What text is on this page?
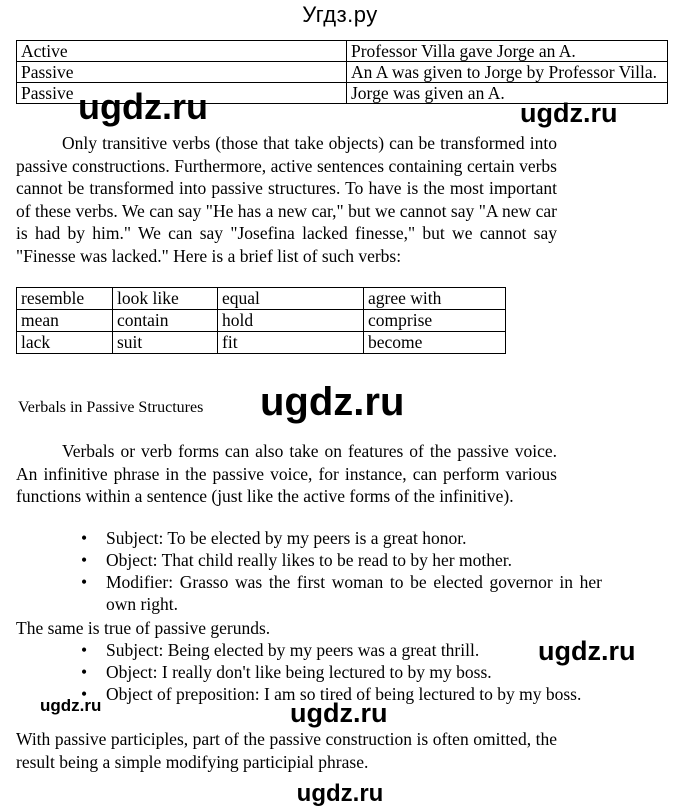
Угдз.ру
Active	Professor Villa gave Jorge an A.
Passive	An A was given to Jorge by Professor Villa.
Passive	Jorge was given an A.
Only transitive verbs (those that take objects) can be transformed into passive constructions. Furthermore, active sentences containing certain verbs cannot be transformed into passive structures. To have is the most important of these verbs. We can say "He has a new car," but we cannot say "A new car is had by him." We can say "Josefina lacked finesse," but we cannot say "Finesse was lacked." Here is a brief list of such verbs:
resemble	look like	equal	agree with
mean	contain	hold	comprise
lack	suit	fit	become
Verbals in Passive Structures
Verbals or verb forms can also take on features of the passive voice. An infinitive phrase in the passive voice, for instance, can perform various functions within a sentence (just like the active forms of the infinitive).
• Subject: To be elected by my peers is a great honor.
• Object: That child really likes to be read to by her mother.
• Modifier: Grasso was the first woman to be elected governor in her own right.
The same is true of passive gerunds.
• Subject: Being elected by my peers was a great thrill.
• Object: I really don't like being lectured to by my boss.
• Object of preposition: I am so tired of being lectured to by my boss.
With passive participles, part of the passive construction is often omitted, the result being a simple modifying participial phrase.
ugdz.ru	ugdz.ru
ugdz.ru
ugdz.ru
ugdz.ru	ugdz.ru
ugdz.ru
